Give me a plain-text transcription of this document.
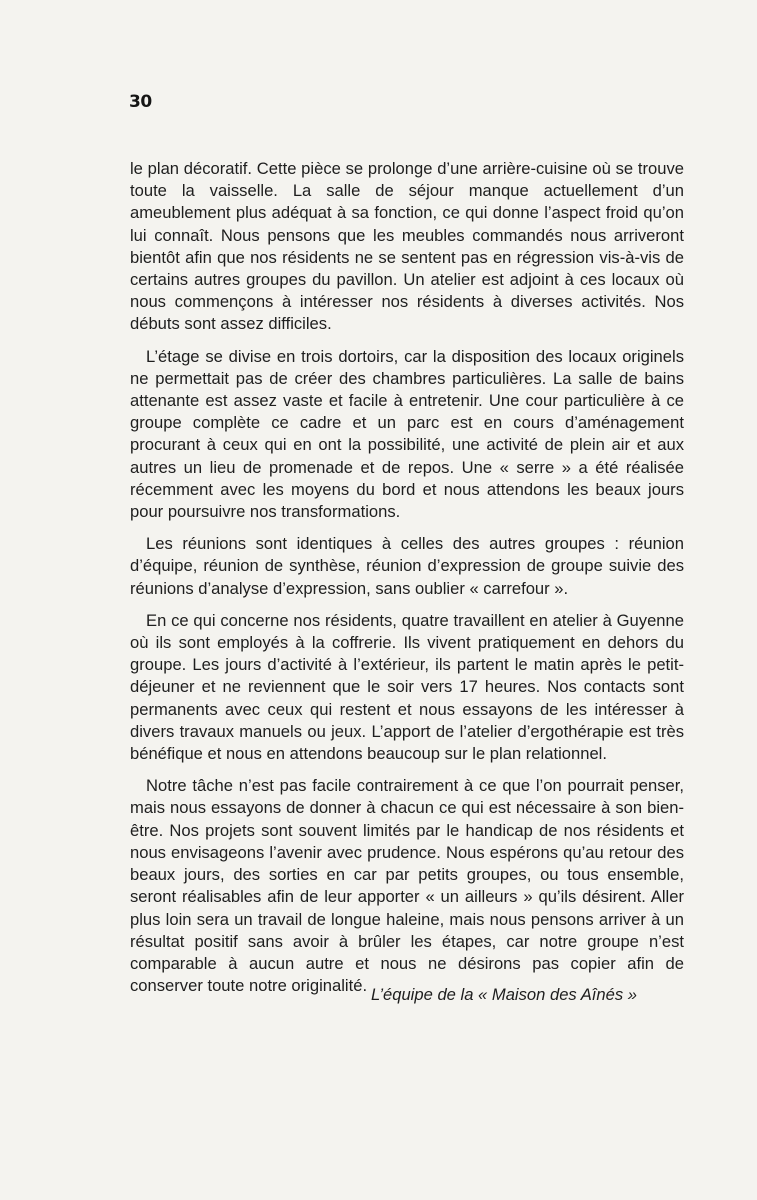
30

le plan décoratif. Cette pièce se prolonge d’une arrière-cuisine où se trouve toute la vaisselle. La salle de séjour manque actuellement d’un ameublement plus adéquat à sa fonction, ce qui donne l’aspect froid qu’on lui connaît. Nous pensons que les meubles commandés nous arriveront bientôt afin que nos résidents ne se sentent pas en régression vis-à-vis de certains autres groupes du pavillon. Un atelier est adjoint à ces locaux où nous commençons à intéresser nos résidents à diverses activités. Nos débuts sont assez difficiles.

L’étage se divise en trois dortoirs, car la disposition des locaux originels ne permettait pas de créer des chambres particulières. La salle de bains attenante est assez vaste et facile à entretenir. Une cour particulière à ce groupe complète ce cadre et un parc est en cours d’aménagement procurant à ceux qui en ont la possibilité, une activité de plein air et aux autres un lieu de promenade et de repos. Une « serre » a été réalisée récemment avec les moyens du bord et nous attendons les beaux jours pour poursuivre nos transformations.

Les réunions sont identiques à celles des autres groupes : réunion d’équipe, réunion de synthèse, réunion d’expression de groupe suivie des réunions d’analyse d’expression, sans oublier « carrefour ».

En ce qui concerne nos résidents, quatre travaillent en atelier à Guyenne où ils sont employés à la coffrerie. Ils vivent pratiquement en dehors du groupe. Les jours d’activité à l’extérieur, ils partent le matin après le petit-déjeuner et ne reviennent que le soir vers 17 heures. Nos contacts sont permanents avec ceux qui restent et nous essayons de les intéresser à divers travaux manuels ou jeux. L’apport de l’atelier d’ergothérapie est très bénéfique et nous en attendons beaucoup sur le plan relationnel.

Notre tâche n’est pas facile contrairement à ce que l’on pourrait penser, mais nous essayons de donner à chacun ce qui est nécessaire à son bien-être. Nos projets sont souvent limités par le handicap de nos résidents et nous envisageons l’avenir avec prudence. Nous espérons qu’au retour des beaux jours, des sorties en car par petits groupes, ou tous ensemble, seront réalisables afin de leur apporter « un ailleurs » qu’ils désirent. Aller plus loin sera un travail de longue haleine, mais nous pensons arriver à un résultat positif sans avoir à brûler les étapes, car notre groupe n’est comparable à aucun autre et nous ne désirons pas copier afin de conserver toute notre originalité. L’équipe de la « Maison des Aînés »
